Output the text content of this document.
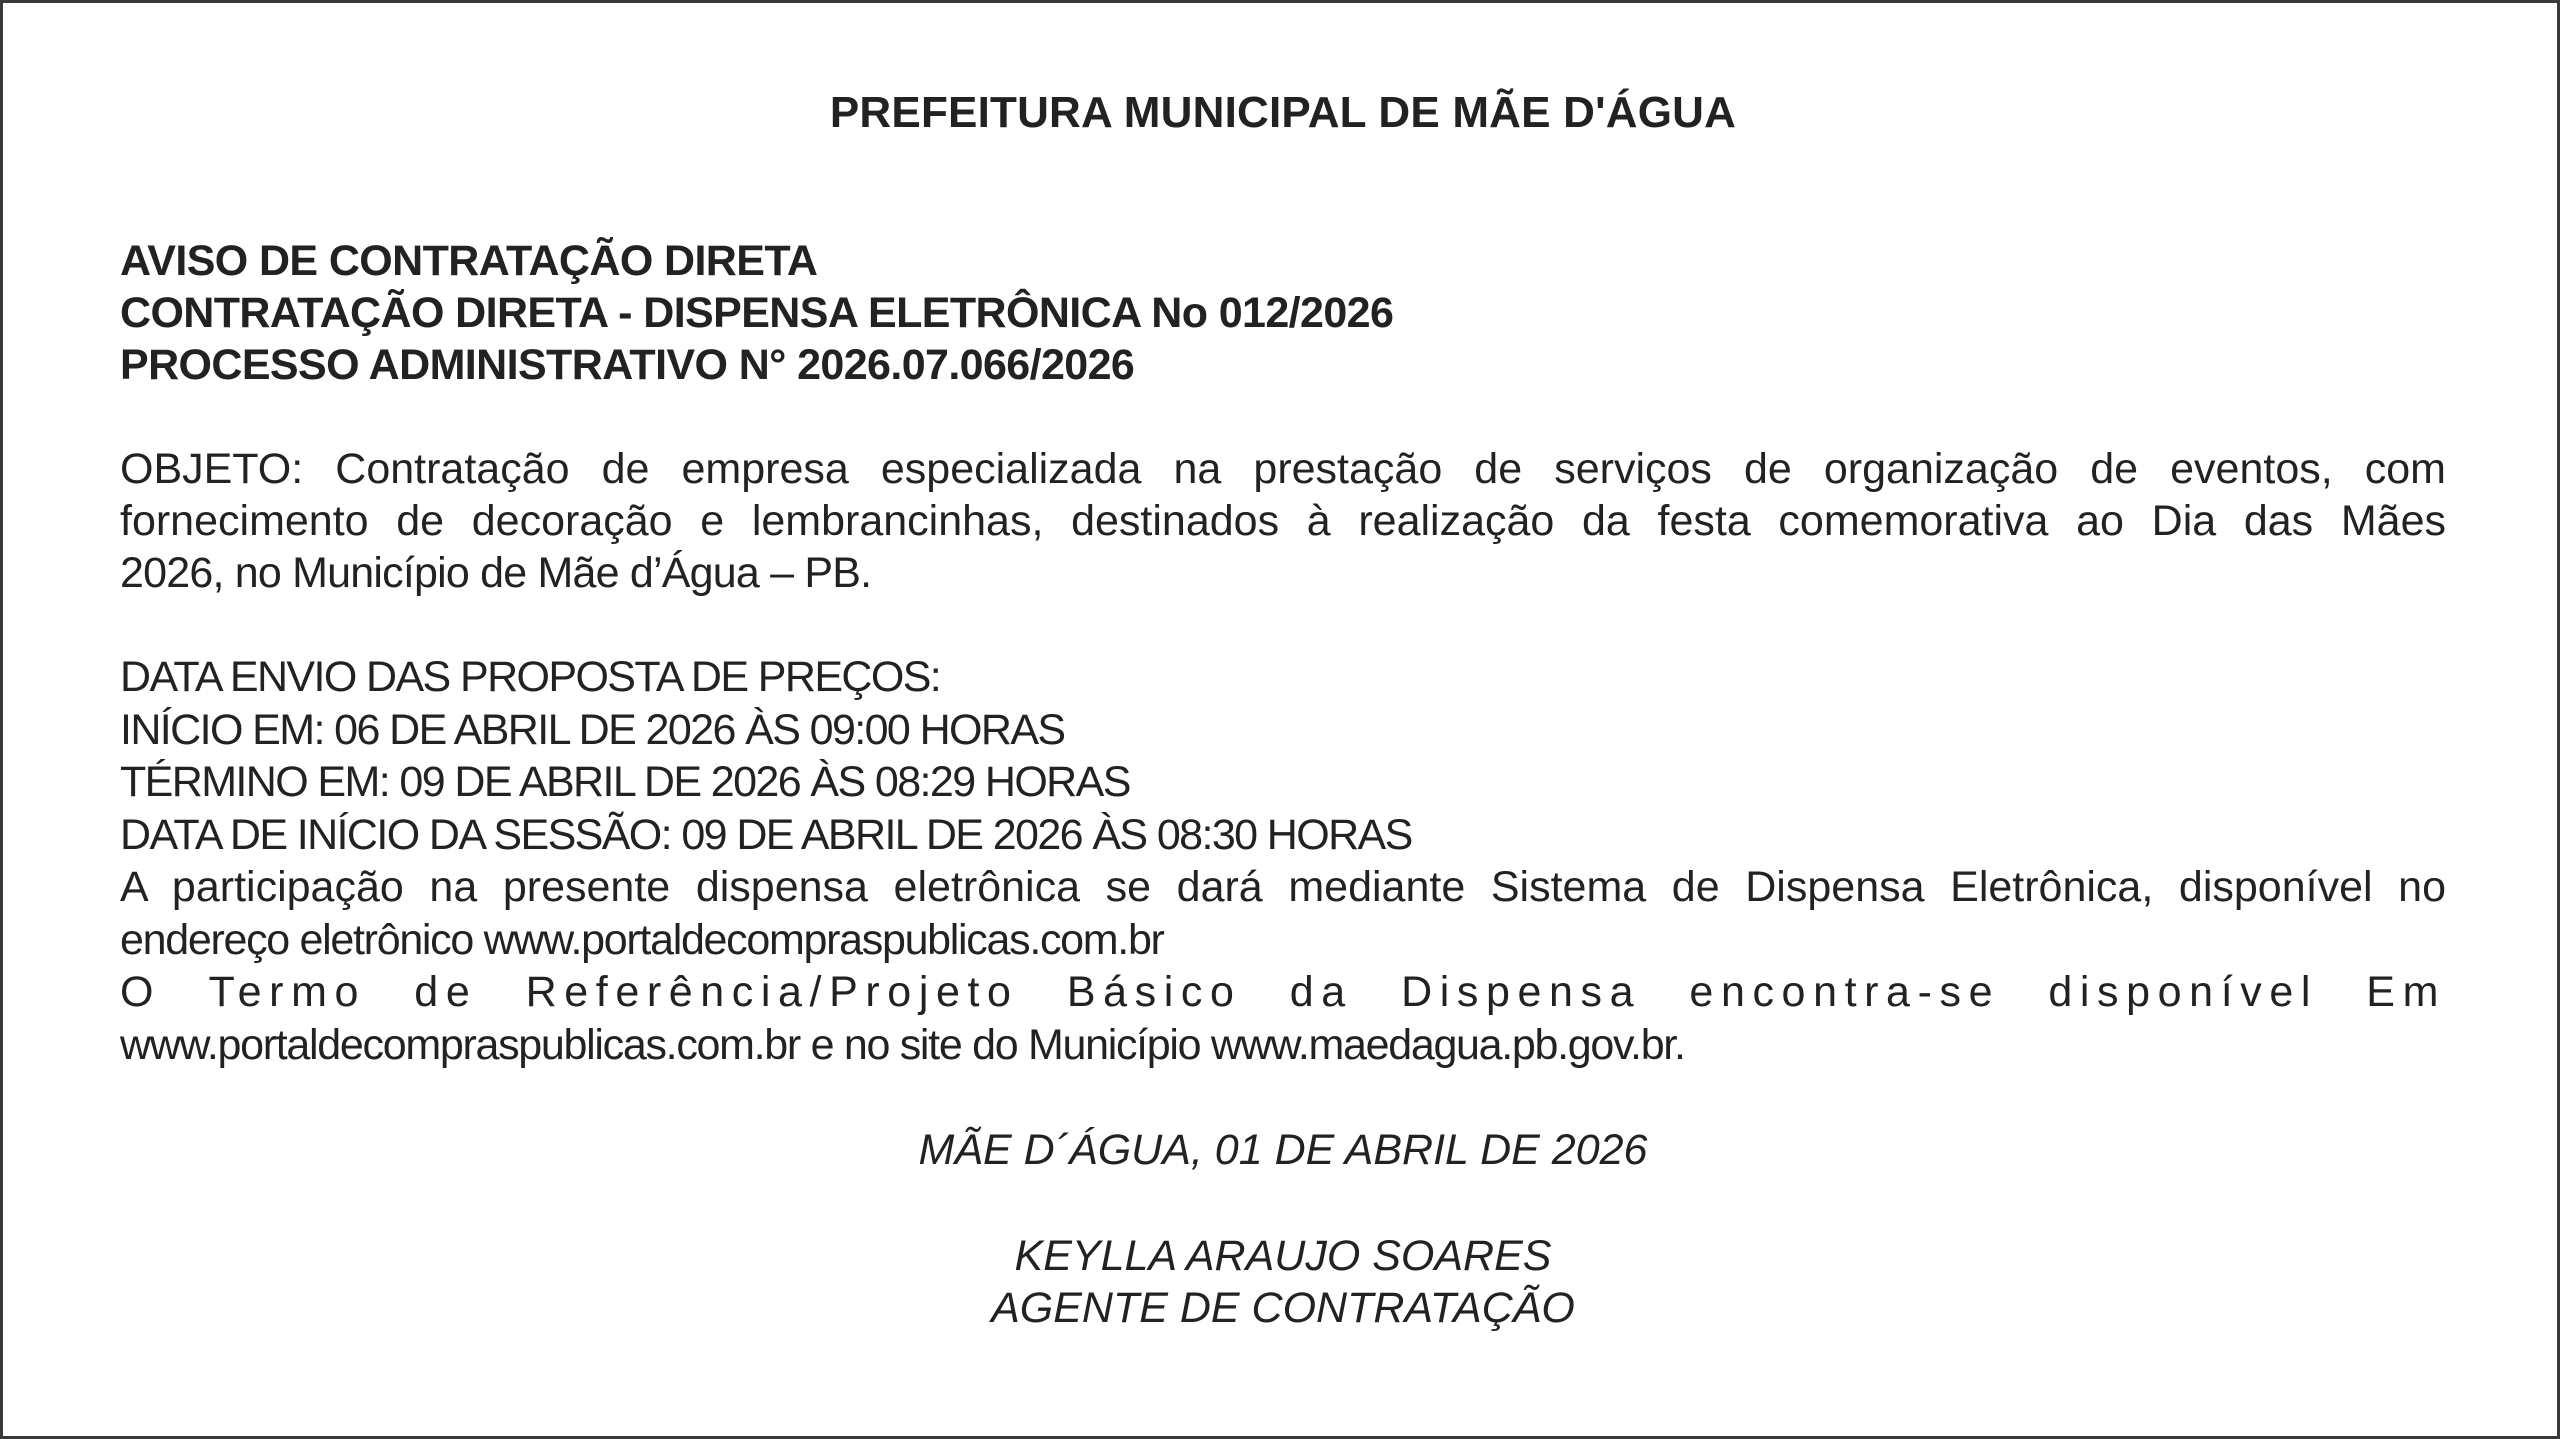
PREFEITURA MUNICIPAL DE MÃE D'ÁGUA
AVISO DE CONTRATAÇÃO DIRETA
CONTRATAÇÃO DIRETA - DISPENSA ELETRÔNICA No 012/2026
PROCESSO ADMINISTRATIVO N° 2026.07.066/2026
OBJETO: Contratação de empresa especializada na prestação de serviços de organização de eventos, com
fornecimento de decoração e lembrancinhas, destinados à realização da festa comemorativa ao Dia das Mães
2026, no Município de Mãe d’Água – PB.
DATA ENVIO DAS PROPOSTA DE PREÇOS:
INÍCIO EM: 06 DE ABRIL DE 2026 ÀS 09:00 HORAS
TÉRMINO EM: 09 DE ABRIL DE 2026 ÀS 08:29 HORAS
DATA DE INÍCIO DA SESSÃO: 09 DE ABRIL DE 2026 ÀS 08:30 HORAS
A participação na presente dispensa eletrônica se dará mediante Sistema de Dispensa Eletrônica, disponível no
endereço eletrônico www.portaldecompraspublicas.com.br
O Termo de Referência/Projeto Básico da Dispensa encontra-se disponível Em
www.portaldecompraspublicas.com.br e no site do Município www.maedagua.pb.gov.br.
MÃE D´ÁGUA, 01 DE ABRIL DE 2026
KEYLLA ARAUJO SOARES
AGENTE DE CONTRATAÇÃO
